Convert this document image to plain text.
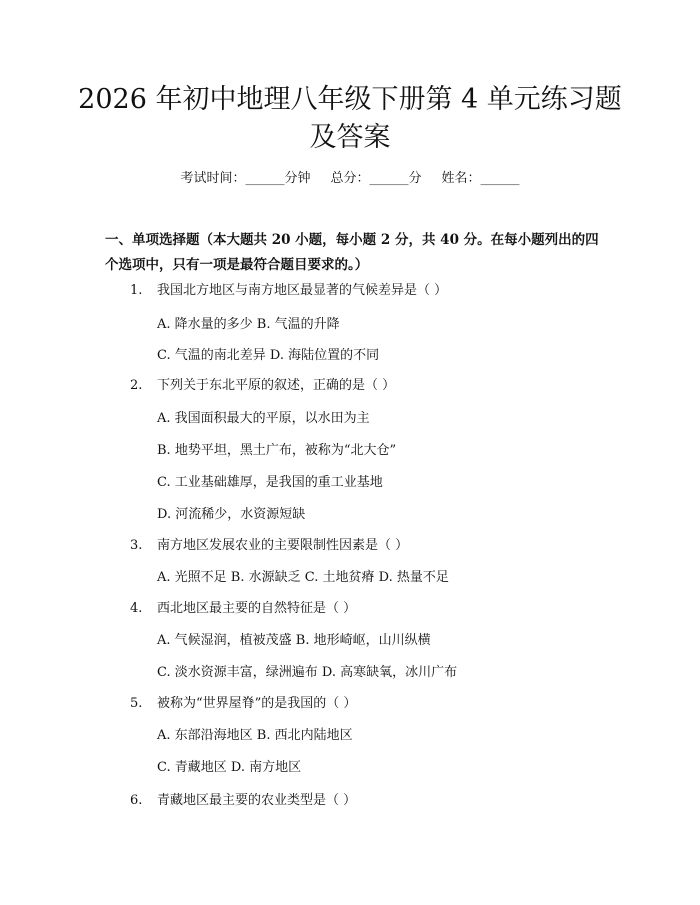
2026 年初中地理八年级下册第 4 单元练习题
及答案
考试时间：______分钟 总分：______分 姓名：______
一、单项选择题（本大题共 20 小题，每小题 2 分，共 40 分。在每小题列出的四
个选项中，只有一项是最符合题目要求的。）
1. 我国北方地区与南方地区最显著的气候差异是（ ）
A. 降水量的多少 B. 气温的升降
C. 气温的南北差异 D. 海陆位置的不同
2. 下列关于东北平原的叙述，正确的是（ ）
A. 我国面积最大的平原，以水田为主
B. 地势平坦，黑土广布，被称为“北大仓”
C. 工业基础雄厚，是我国的重工业基地
D. 河流稀少，水资源短缺
3. 南方地区发展农业的主要限制性因素是（ ）
A. 光照不足 B. 水源缺乏 C. 土地贫瘠 D. 热量不足
4. 西北地区最主要的自然特征是（ ）
A. 气候湿润，植被茂盛 B. 地形崎岖，山川纵横
C. 淡水资源丰富，绿洲遍布 D. 高寒缺氧，冰川广布
5. 被称为“世界屋脊”的是我国的（ ）
A. 东部沿海地区 B. 西北内陆地区
C. 青藏地区 D. 南方地区
6. 青藏地区最主要的农业类型是（ ）
